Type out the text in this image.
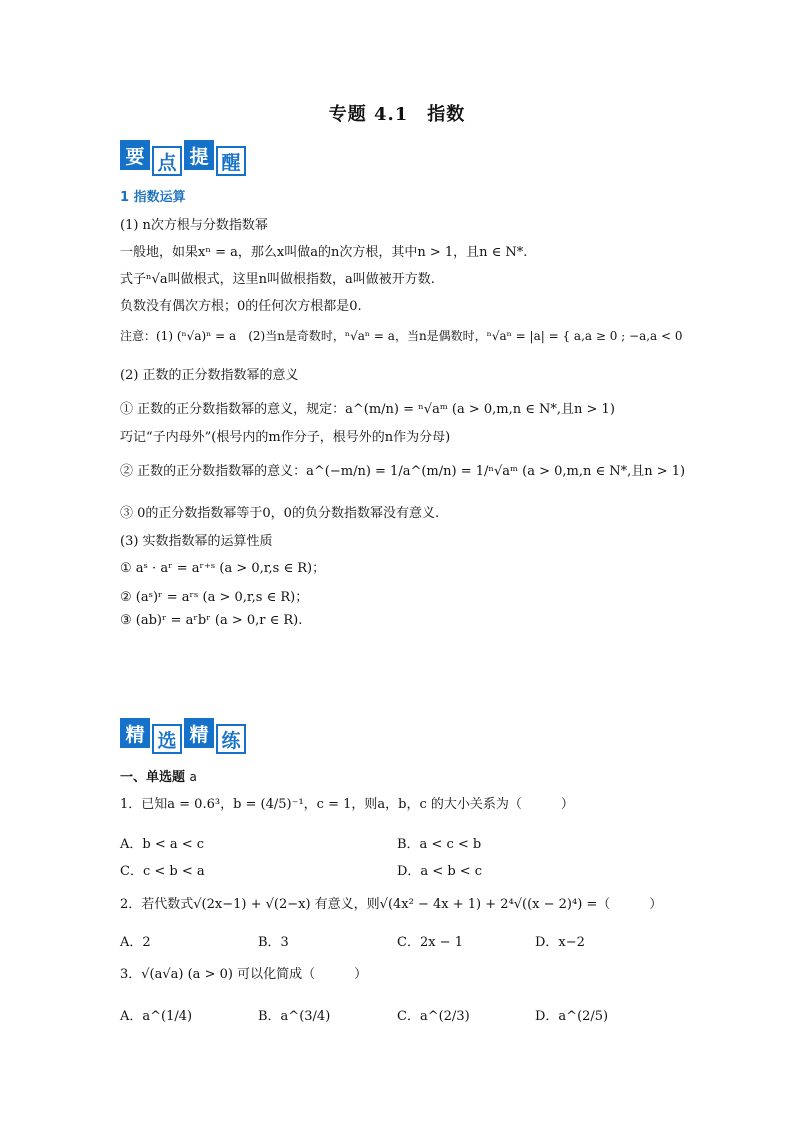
专题 4.1　指数
要 点 提 醒
1 指数运算
(1) n次方根与分数指数幂
一般地，如果xⁿ = a，那么x叫做a的n次方根，其中n > 1，且n ∈ N*.
式子ⁿ√a叫做根式，这里n叫做根指数，a叫做被开方数.
负数没有偶次方根；0的任何次方根都是0.
注意：(1) (ⁿ√a)ⁿ = a　(2)当n是奇数时，ⁿ√aⁿ = a，当n是偶数时，ⁿ√aⁿ = |a| = { a,a ≥ 0 ; −a,a < 0
(2) 正数的正分数指数幂的意义
① 正数的正分数指数幂的意义，规定：a^(m/n) = ⁿ√aᵐ (a > 0,m,n ∈ N*,且n > 1)
巧记“子内母外”(根号内的m作分子，根号外的n作为分母)
② 正数的正分数指数幂的意义：a^(−m/n) = 1/a^(m/n) = 1/ⁿ√aᵐ (a > 0,m,n ∈ N*,且n > 1)
③ 0的正分数指数幂等于0，0的负分数指数幂没有意义.
(3) 实数指数幂的运算性质
① aˢ · aʳ = aʳ⁺ˢ (a > 0,r,s ∈ R)；
② (aˢ)ʳ = aʳˢ (a > 0,r,s ∈ R)；
③ (ab)ʳ = aʳbʳ (a > 0,r ∈ R).
精 选 精 练
一、单选题 a
1．已知a = 0.6³，b = (4/5)⁻¹，c = 1，则a，b，c 的大小关系为（　　　）
A．b < a < c	B．a < c < b
C．c < b < a	D．a < b < c
2．若代数式√(2x−1) + √(2−x) 有意义，则√(4x² − 4x + 1) + 2⁴√((x − 2)⁴) =（　　　）
A．2	B．3	C．2x − 1	D．x−2
3．√(a√a) (a > 0) 可以化简成（　　　）
A．a^(1/4)	B．a^(3/4)	C．a^(2/3)	D．a^(2/5)
